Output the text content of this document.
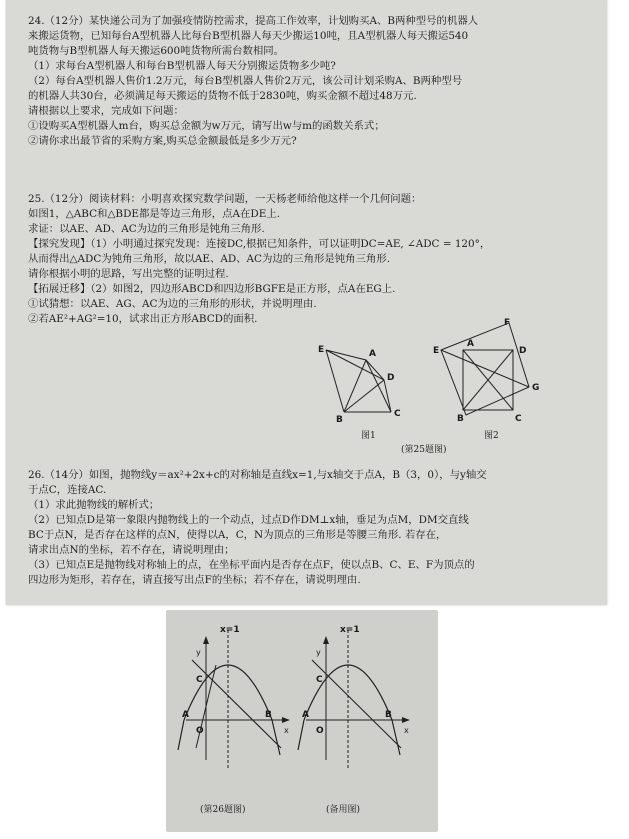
24.（12分）某快递公司为了加强疫情防控需求，提高工作效率，计划购买A、B两种型号的机器人
来搬运货物，已知每台A型机器人比每台B型机器人每天少搬运10吨，且A型机器人每天搬运540
吨货物与B型机器人每天搬运600吨货物所需台数相同。
（1）求每台A型机器人和每台B型机器人每天分别搬运货物多少吨?
（2）每台A型机器人售价1.2万元，每台B型机器人售价2万元，该公司计划采购A、B两种型号
的机器人共30台，必须满足每天搬运的货物不低于2830吨，购买金额不超过48万元.
请根据以上要求，完成如下问题：
①设购买A型机器人m台，购买总金额为w万元，请写出w与m的函数关系式；
②请你求出最节省的采购方案,购买总金额最低是多少万元?
25.（12分）阅读材料：小明喜欢探究数学问题，一天杨老师给他这样一个几何问题：
如图1，△ABC和△BDE都是等边三角形，点A在DE上.
求证：以AE、AD、AC为边的三角形是钝角三角形.
【探究发现】（1）小明通过探究发现：连接DC,根据已知条件，可以证明DC=AE, ∠ADC = 120°，
从而得出△ADC为钝角三角形，故以AE、AD、AC为边的三角形是钝角三角形.
请你根据小明的思路，写出完整的证明过程.
【拓展迁移】（2）如图2，四边形ABCD和四边形BGFE是正方形，点A在EG上.
①试猜想：以AE、AG、AC为边的三角形的形状，并说明理由.
②若AE²+AG²=10，试求出正方形ABCD的面积.
E	A
D
B
C
E
A
D
F
G
B	C
图1	图2
(第25题图)
26.（14分）如图，抛物线y＝ax²+2x+c的对称轴是直线x=1,与x轴交于点A，B（3，0），与y轴交
于点C，连接AC.
（1）求此抛物线的解析式；
（2）已知点D是第一象限内抛物线上的一个动点，过点D作DM⊥x轴，垂足为点M，DM交直线
BC于点N，是否存在这样的点N，使得以A，C，N为顶点的三角形是等腰三角形. 若存在，
请求出点N的坐标，若不存在，请说明理由；
（3）已知点E是抛物线对称轴上的点，在坐标平面内是否存在点F，使以点B、C、E、F为顶点的
四边形为矩形，若存在，请直接写出点F的坐标；若不存在，请说明理由.
x=1
y
x
C
A	B
O
x=1
y
x
C
A	B
O
(第26题图)	(备用图)
